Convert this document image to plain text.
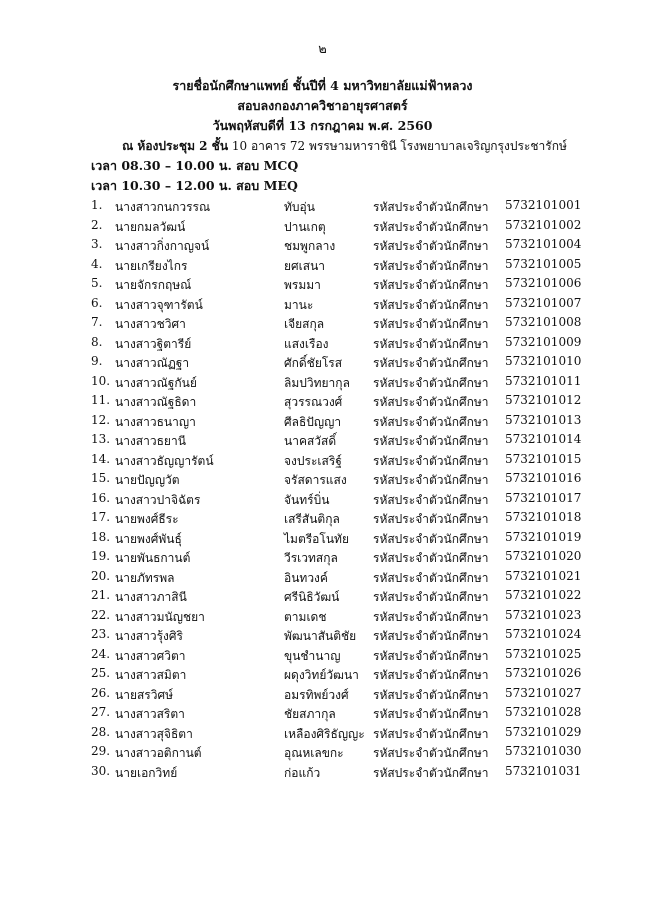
๒
รายชื่อนักศึกษาแพทย์ ชั้นปีที่ 4 มหาวิทยาลัยแม่ฟ้าหลวง
สอบลงกองภาควิชาอายุรศาสตร์
วันพฤหัสบดีที่ 13 กรกฎาคม พ.ศ. 2560
ณ ห้องประชุม 2 ชั้น 10 อาคาร 72 พรรษามหาราชินี โรงพยาบาลเจริญกรุงประชารักษ์
เวลา 08.30 – 10.00 น. สอบ MCQ
เวลา 10.30 – 12.00 น. สอบ MEQ
1. นางสาวกนกวรรณ	ทับอุ่น	รหัสประจำตัวนักศึกษา 5732101001
2. นายกมลวัฒน์	ปานเกตุ	รหัสประจำตัวนักศึกษา 5732101002
3. นางสาวกิ่งกาญจน์	ชมพูกลาง	รหัสประจำตัวนักศึกษา 5732101004
4. นายเกรียงไกร	ยศเสนา	รหัสประจำตัวนักศึกษา 5732101005
5. นายจักรกฤษณ์	พรมมา	รหัสประจำตัวนักศึกษา 5732101006
6. นางสาวจุฑารัตน์	มานะ	รหัสประจำตัวนักศึกษา 5732101007
7. นางสาวชวิศา	เจียสกุล	รหัสประจำตัวนักศึกษา 5732101008
8. นางสาวฐิตารีย์	แสงเรือง	รหัสประจำตัวนักศึกษา 5732101009
9. นางสาวณัฏฐา	ศักดิ์ชัยโรส	รหัสประจำตัวนักศึกษา 5732101010
10. นางสาวณัฐกันย์	ลิมปวิทยากุล รหัสประจำตัวนักศึกษา 5732101011
11. นางสาวณัฐธิดา	สุวรรณวงศ์	รหัสประจำตัวนักศึกษา 5732101012
12. นางสาวธนาญา	ศีลธิปัญญา	รหัสประจำตัวนักศึกษา 5732101013
13. นางสาวธยานี	นาคสวัสดิ์	รหัสประจำตัวนักศึกษา 5732101014
14. นางสาวธัญญารัตน์	จงประเสริฐ์	รหัสประจำตัวนักศึกษา 5732101015
15. นายปัญญวัต	จรัสดารแสง รหัสประจำตัวนักศึกษา 5732101016
16. นางสาวปาจิฉัตร	จันทร์บิ่น	รหัสประจำตัวนักศึกษา 5732101017
17. นายพงศ์ธีระ	เสรีสันติกุล	รหัสประจำตัวนักศึกษา 5732101018
18. นายพงศ์พันธุ์	ไมตรีอโนทัย รหัสประจำตัวนักศึกษา 5732101019
19. นายพันธกานต์	วีรเวทสกุล	รหัสประจำตัวนักศึกษา 5732101020
20. นายภัทรพล	อินทวงค์	รหัสประจำตัวนักศึกษา 5732101021
21. นางสาวภาสินี	ศรีนิธิวัฒน์	รหัสประจำตัวนักศึกษา 5732101022
22. นางสาวมนัญชยา	ตามเดช	รหัสประจำตัวนักศึกษา 5732101023
23. นางสาวรุ้งศิริ	พัฒนาสันติชัย รหัสประจำตัวนักศึกษา 5732101024
24. นางสาวศวิตา	ขุนชำนาญ	รหัสประจำตัวนักศึกษา 5732101025
25. นางสาวสมิตา	ผดุงวิทย์วัฒนา รหัสประจำตัวนักศึกษา 5732101026
26. นายสรวิศษ์	อมรทิพย์วงศ์ รหัสประจำตัวนักศึกษา 5732101027
27. นางสาวสริตา	ชัยสภากุล	รหัสประจำตัวนักศึกษา 5732101028
28. นางสาวสุจิธิตา	เหลืองศิริธัญญะ รหัสประจำตัวนักศึกษา 5732101029
29. นางสาวอติกานต์	อุณหเลขกะ รหัสประจำตัวนักศึกษา 5732101030
30. นายเอกวิทย์	ก่อแก้ว	รหัสประจำตัวนักศึกษา 5732101031
